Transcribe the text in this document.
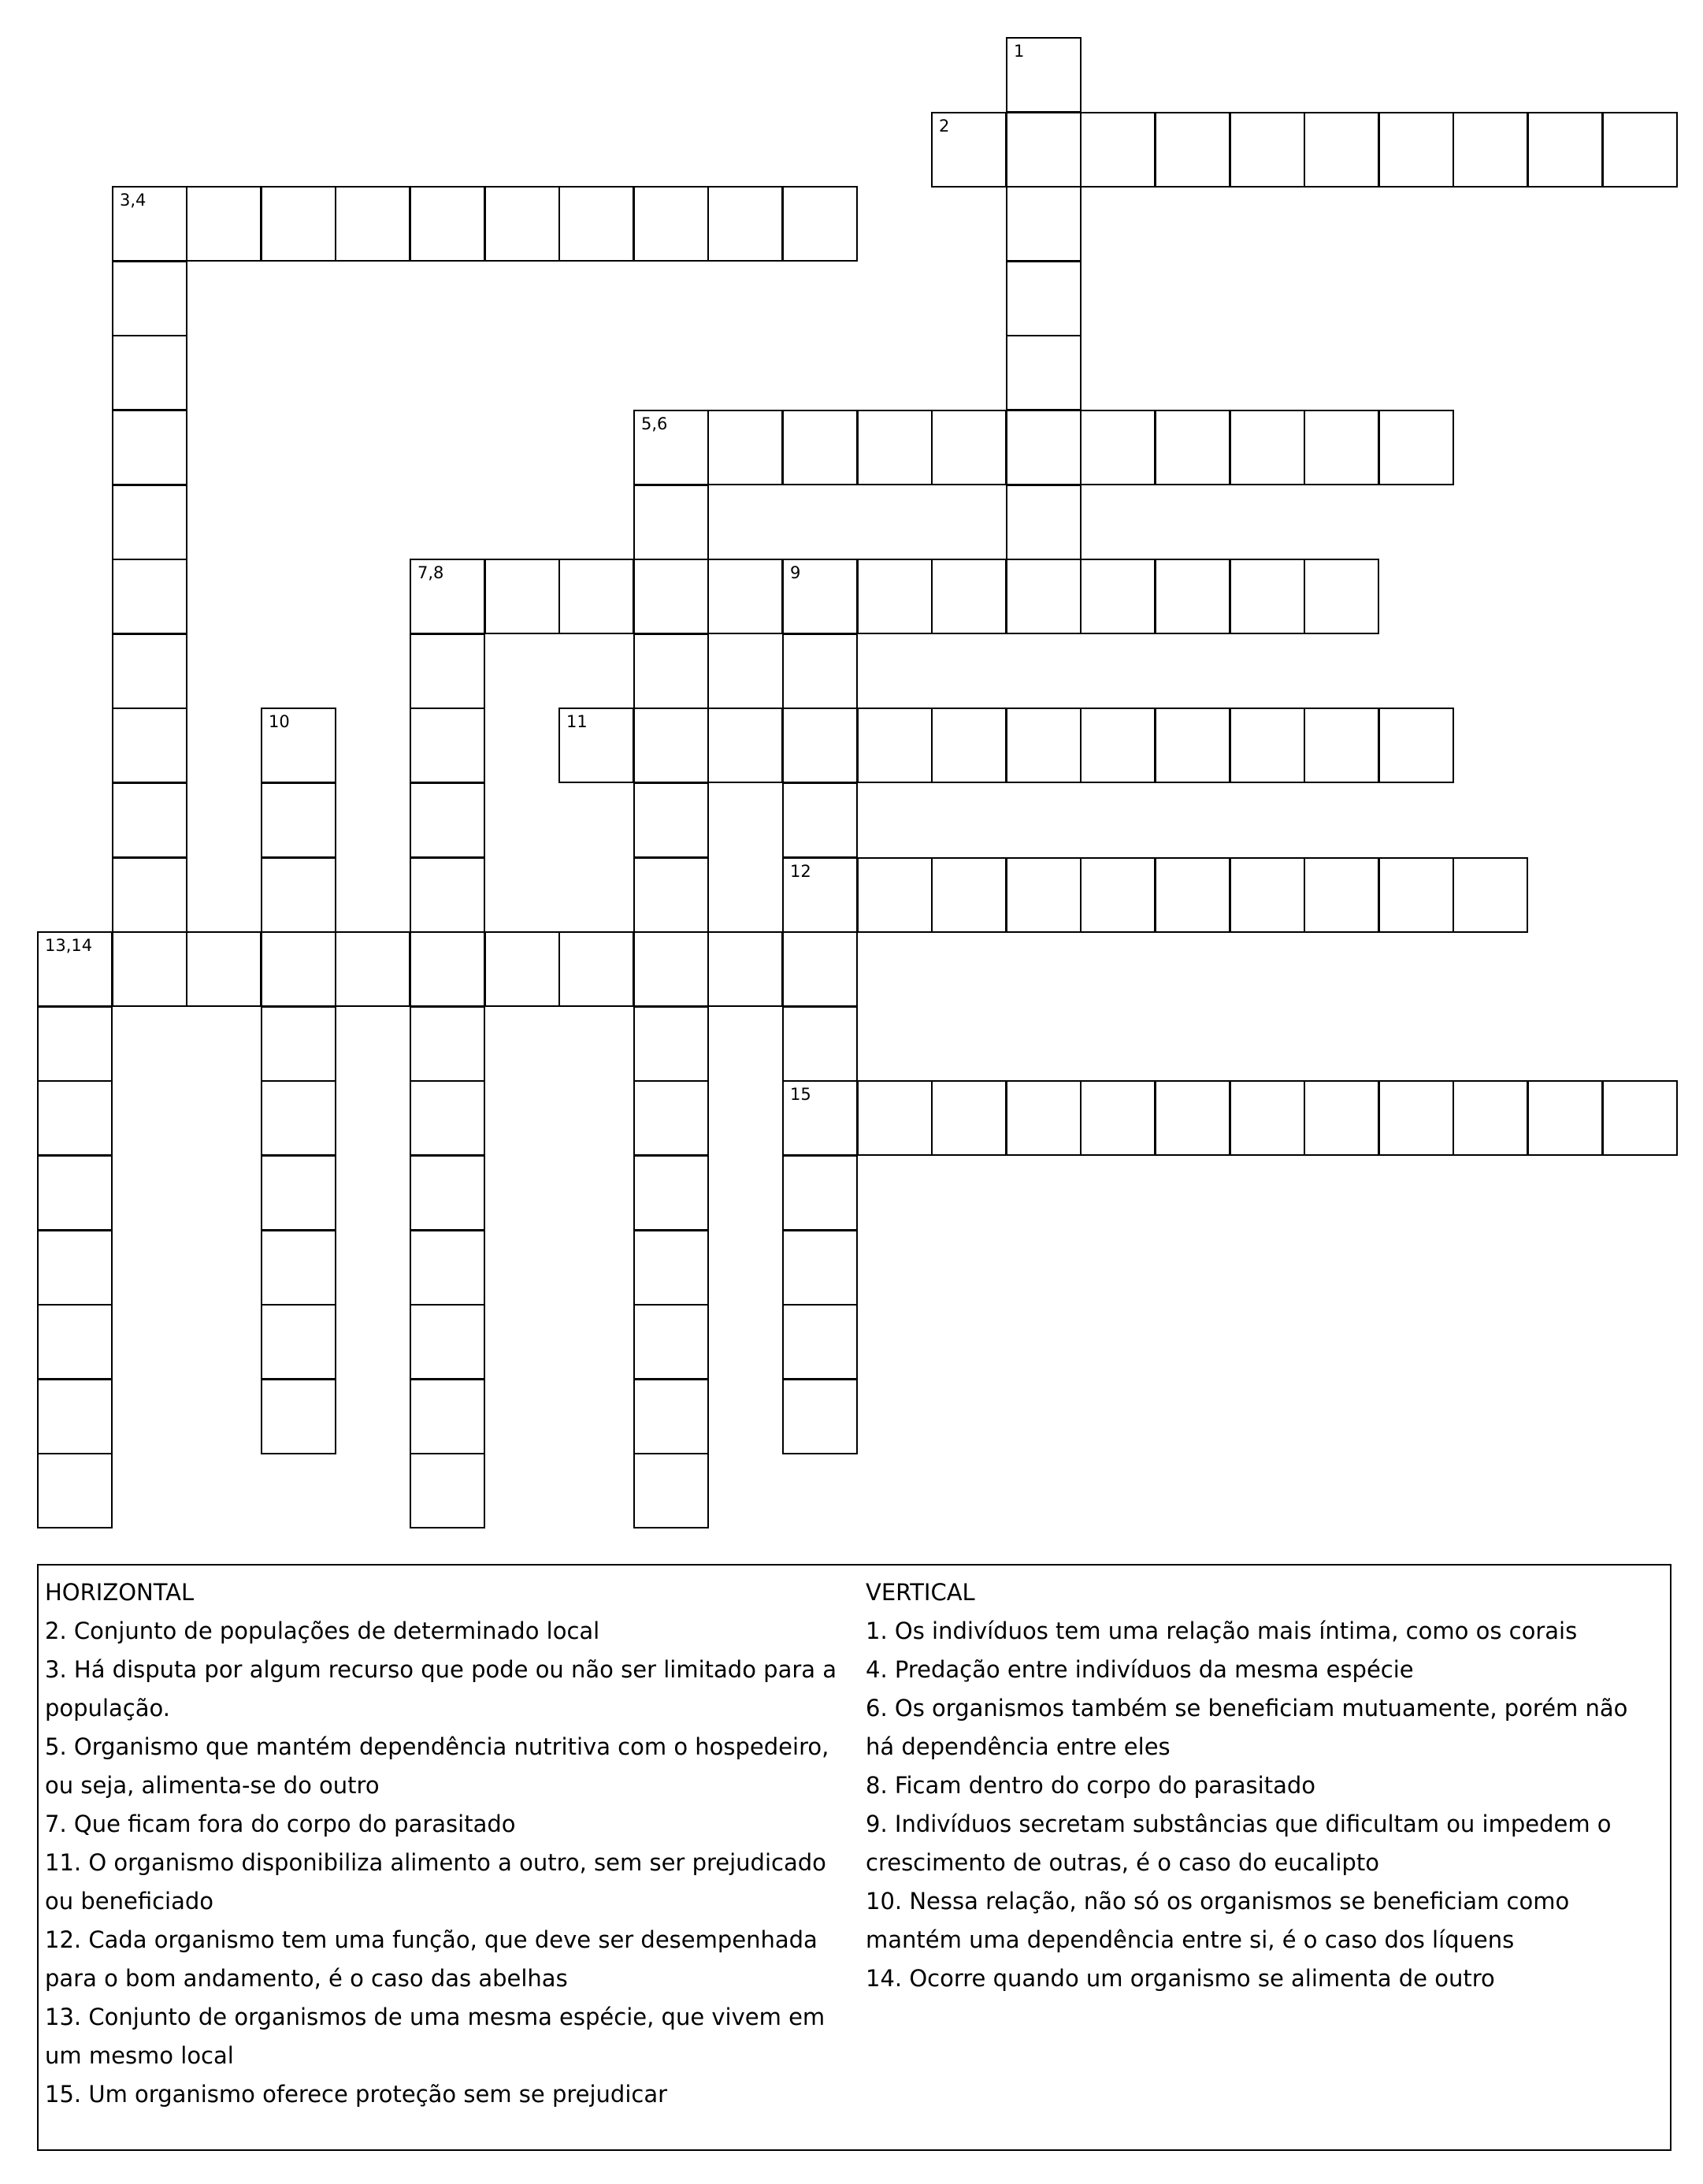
2
3,4
5,6
7,8	9
11
12
13,14
15
1
10
HORIZONTAL
2. Conjunto de populações de determinado local
3. Há disputa por algum recurso que pode ou não ser limitado para a população.
5. Organismo que mantém dependência nutritiva com o hospedeiro, ou seja, alimenta-se do outro
7. Que ficam fora do corpo do parasitado
11. O organismo disponibiliza alimento a outro, sem ser prejudicado ou beneficiado
12. Cada organismo tem uma função, que deve ser desempenhada para o bom andamento, é o caso das abelhas
13. Conjunto de organismos de uma mesma espécie, que vivem em um mesmo local
15. Um organismo oferece proteção sem se prejudicar
VERTICAL
1. Os indivíduos tem uma relação mais íntima, como os corais
4. Predação entre indivíduos da mesma espécie
6. Os organismos também se beneficiam mutuamente, porém não há dependência entre eles
8. Ficam dentro do corpo do parasitado
9. Indivíduos secretam substâncias que dificultam ou impedem o crescimento de outras, é o caso do eucalipto
10. Nessa relação, não só os organismos se beneficiam como mantém uma dependência entre si, é o caso dos líquens
14. Ocorre quando um organismo se alimenta de outro
